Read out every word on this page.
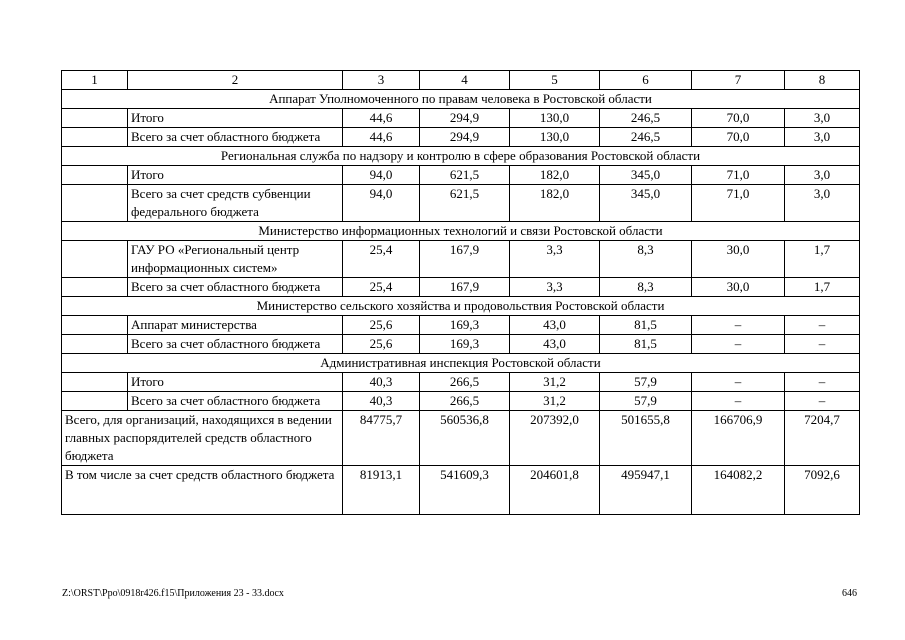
1	2	3	4	5	6	7	8
Аппарат Уполномоченного по правам человека в Ростовской области							
	Итого	44,6	294,9	130,0	246,5	70,0	3,0
	Всего за счет областного бюджета	44,6	294,9	130,0	246,5	70,0	3,0
Региональная служба по надзору и контролю в сфере образования Ростовской области							
	Итого	94,0	621,5	182,0	345,0	71,0	3,0
	Всего за счет средств субвенции федерального бюджета	94,0	621,5	182,0	345,0	71,0	3,0
Министерство информационных технологий и связи Ростовской области							
	ГАУ РО «Региональный центр информационных систем»	25,4	167,9	3,3	8,3	30,0	1,7
	Всего за счет областного бюджета	25,4	167,9	3,3	8,3	30,0	1,7
Министерство сельского хозяйства и продовольствия Ростовской области							
	Аппарат министерства	25,6	169,3	43,0	81,5	–	–
	Всего за счет областного бюджета	25,6	169,3	43,0	81,5	–	–
Административная инспекция Ростовской области							
	Итого	40,3	266,5	31,2	57,9	–	–
	Всего за счет областного бюджета	40,3	266,5	31,2	57,9	–	–
Всего, для организаций, находящихся в ведении главных распорядителей средств областного бюджета		84775,7	560536,8	207392,0	501655,8	166706,9	7204,7
В том числе за счет средств областного бюджета		81913,1	541609,3	204601,8	495947,1	164082,2	7092,6
Z:\ORST\Ppo\0918r426.f15\Приложения 23 - 33.docx	646
